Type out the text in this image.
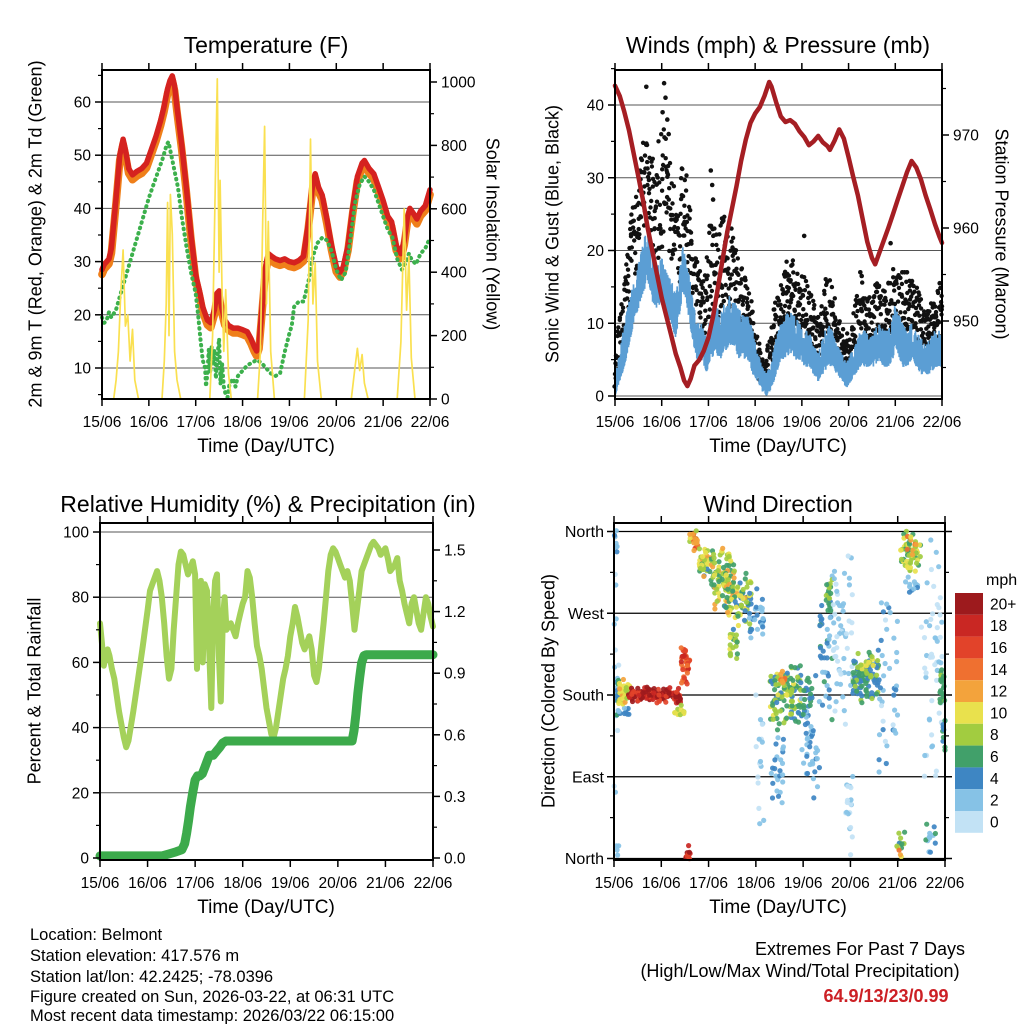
15/06 16/06 17/06 18/06 19/06 20/06 21/06 22/06
10
20
30
40
50
60
0
200
400
600
800
1000
15/06 16/06 17/06 18/06 19/06 20/06 21/06 22/06
0
10
20
30
40
950
960
970
15/06 16/06 17/06 18/06 19/06 20/06 21/06 22/06
0
20
40
60
80
100
0.0
0.3
0.6
0.9
1.2
1.5
15/06 16/06 17/06 18/06 19/06 20/06 21/06 22/06
North
West
South
East
North
20+
18
16
14
12
10
8
6
4
2
0
Temperature (F)	Winds (mph) & Pressure (mb)
Relative Humidity (%) & Precipitation (in)	Wind Direction
2m & 9m T (Red, Orange) & 2m Td (Green)	Solar Insolation (Yellow) Sonic Wind & Gust (Blue, Black)	Station Pressure (Maroon)
Percent & Total Rainfall	Direction (Colored By Speed)
Time (Day/UTC)	Time (Day/UTC)
Time (Day/UTC)	Time (Day/UTC)
mph
Location: Belmont
Station elevation: 417.576 m
Station lat/lon: 42.2425; -78.0396
Figure created on Sun, 2026-03-22, at 06:31 UTC
Most recent data timestamp: 2026/03/22 06:15:00
Extremes For Past 7 Days
(High/Low/Max Wind/Total Precipitation)
64.9/13/23/0.99
